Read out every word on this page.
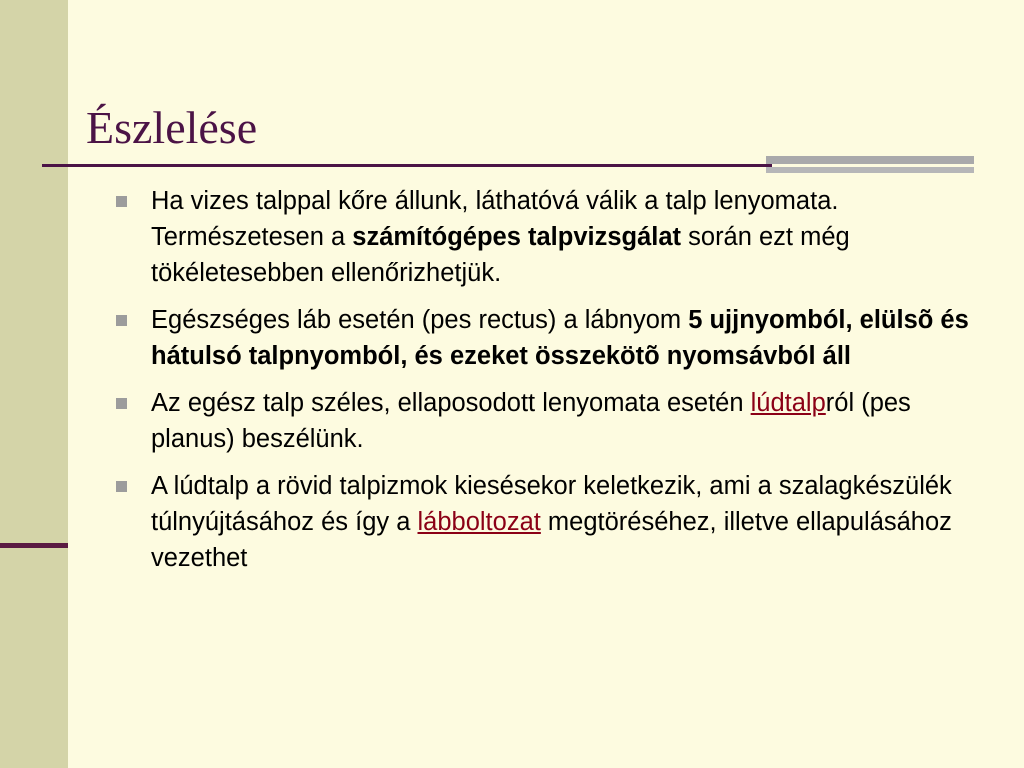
Észlelése
Ha vizes talppal kőre állunk, láthatóvá válik a talp lenyomata. Természetesen a számítógépes talpvizsgálat során ezt még tökéletesebben ellenőrizhetjük.
Egészséges láb esetén (pes rectus) a lábnyom 5 ujjnyomból, elülsõ és hátulsó talpnyomból, és ezeket összekötõ nyomsávból áll
Az egész talp széles, ellaposodott lenyomata esetén lúdtalpról (pes planus) beszélünk.
A lúdtalp a rövid talpizmok kiesésekor keletkezik, ami a szalagkészülék túlnyújtásához és így a lábboltozat megtöréséhez, illetve ellapulásához vezethet
